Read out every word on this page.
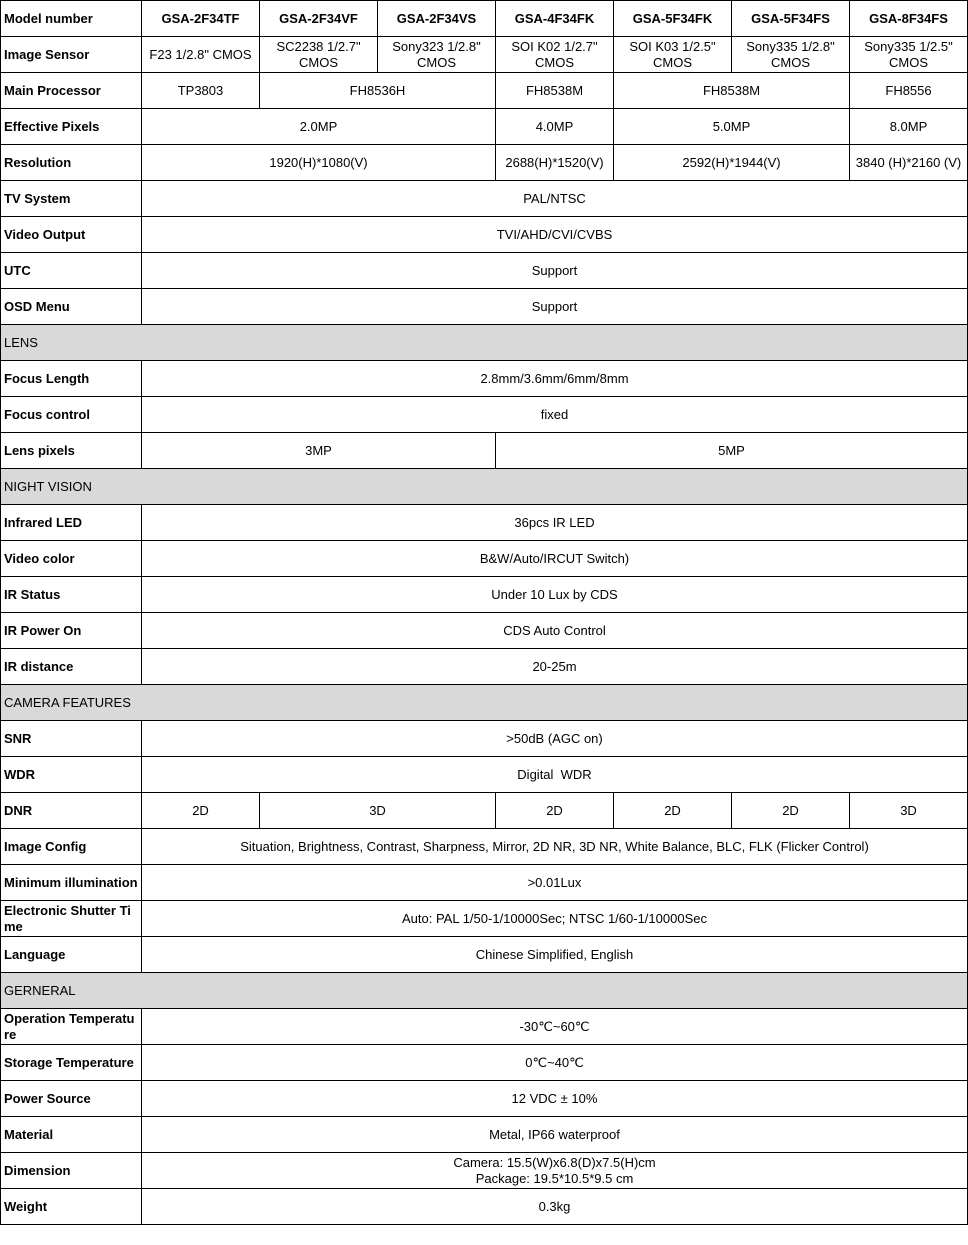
Model number	GSA-2F34TF	GSA-2F34VF	GSA-2F34VS	GSA-4F34FK	GSA-5F34FK	GSA-5F34FS	GSA-8F34FS
Image Sensor	F23 1/2.8" CMOS	SC2238 1/2.7" CMOS	Sony323 1/2.8" CMOS	SOI K02 1/2.7" CMOS	SOI K03 1/2.5" CMOS	Sony335 1/2.8" CMOS	Sony335 1/2.5" CMOS
Main Processor	TP3803	FH8536H		FH8538M	FH8538M		FH8556
Effective Pixels	2.0MP			4.0MP	5.0MP		8.0MP
Resolution	1920(H)*1080(V)			2688(H)*1520(V)	2592(H)*1944(V)		3840 (H)*2160 (V)
TV System	PAL/NTSC						
Video Output	TVI/AHD/CVI/CVBS						
UTC	Support						
OSD Menu	Support						
LENS							
Focus Length	2.8mm/3.6mm/6mm/8mm						
Focus control	fixed						
Lens pixels	3MP			5MP			
NIGHT VISION							
Infrared LED	36pcs IR LED						
Video color	B&W/Auto/IRCUT Switch)						
IR Status	Under 10 Lux by CDS						
IR Power On	CDS Auto Control						
IR distance	20-25m						
CAMERA FEATURES							
SNR	>50dB (AGC on)						
WDR	Digital  WDR						
DNR	2D	3D		2D	2D	2D	3D
Image Config	Situation, Brightness, Contrast, Sharpness, Mirror, 2D NR, 3D NR, White Balance, BLC, FLK (Flicker Control)						
Minimum illumination	>0.01Lux						
Electronic Shutter Time	Auto: PAL 1/50-1/10000Sec; NTSC 1/60-1/10000Sec						
Language	Chinese Simplified, English						
GERNERAL							
Operation Temperature	-30℃~60℃						
Storage Temperature	0℃~40℃						
Power Source	12 VDC ± 10%						
Material	Metal, IP66 waterproof						
Dimension	Camera: 15.5(W)x6.8(D)x7.5(H)cm
Package: 19.5*10.5*9.5 cm						

Weight	0.3kg						
